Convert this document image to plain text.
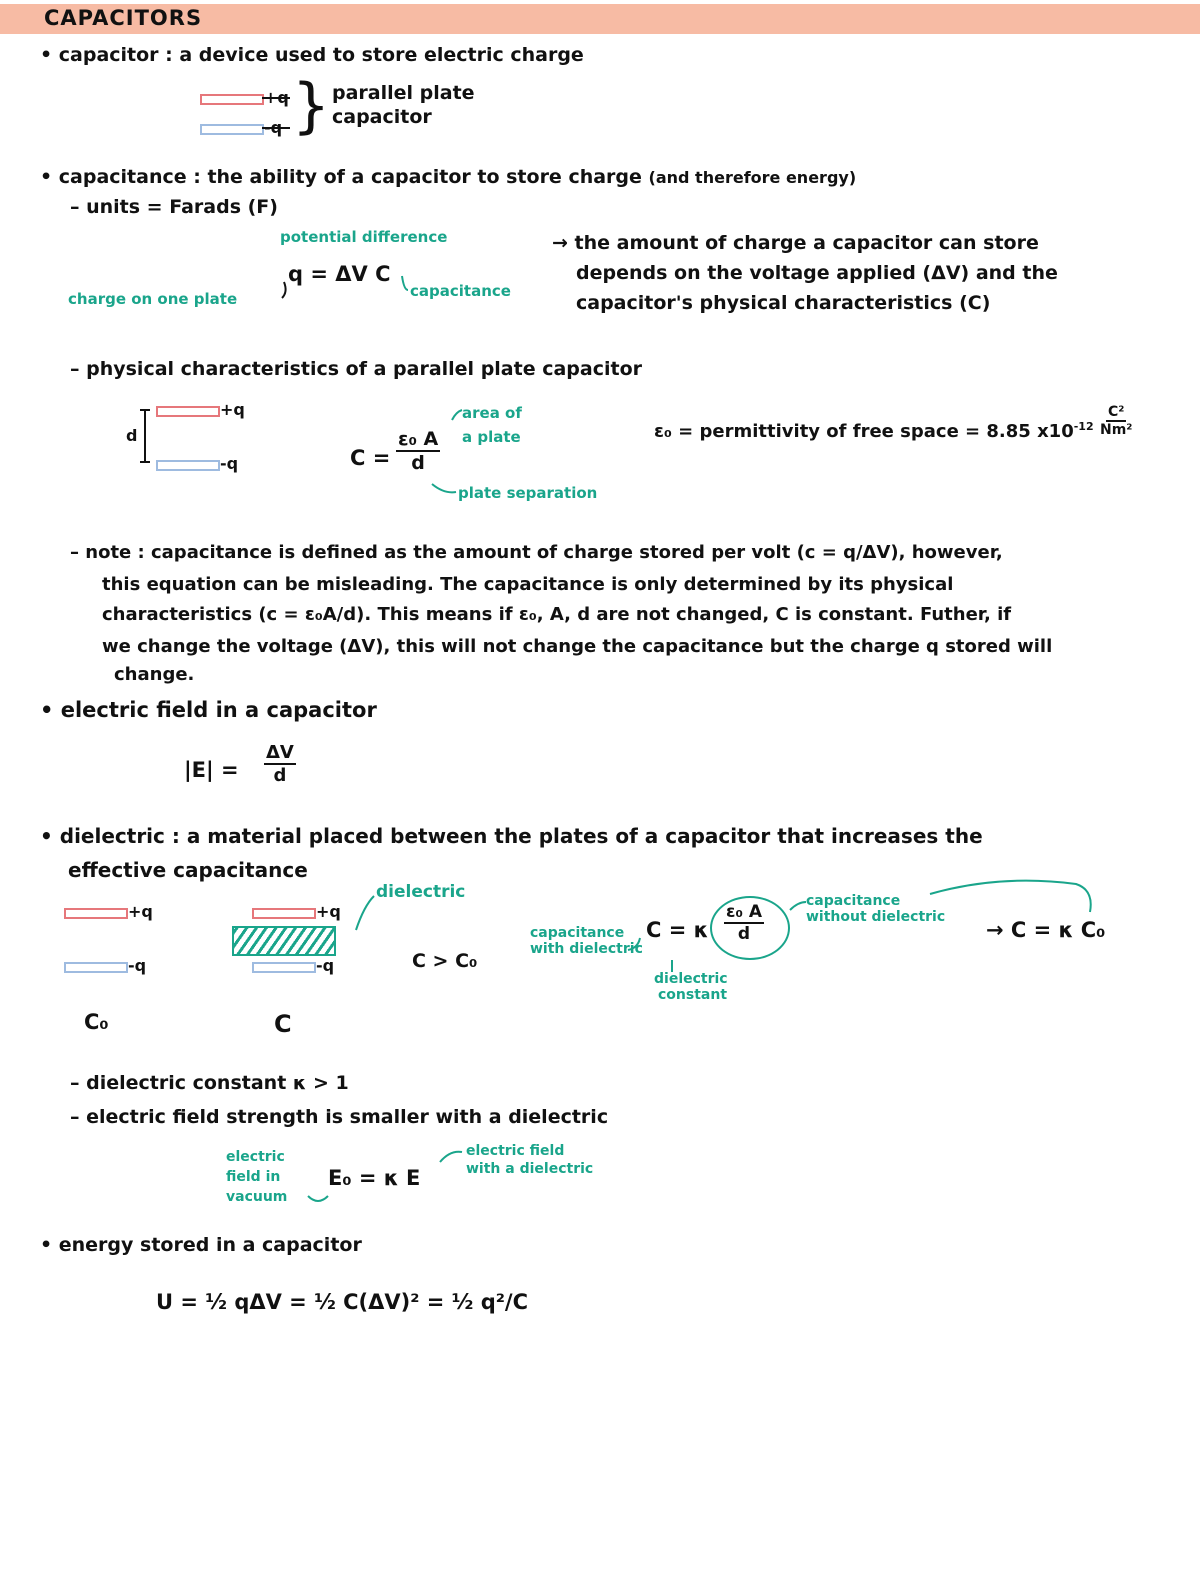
CAPACITORS
• capacitor : a device used to store electric charge
+q
-q } parallel plate
capacitor
• capacitance : the ability of a capacitor to store charge (and therefore energy)
– units = Farads (F)
potential difference
q = ΔV C
capacitance
charge on one plate
→ the amount of charge a capacitor can store
depends on the voltage applied (ΔV) and the
capacitor's physical characteristics (C)
– physical characteristics of a parallel plate capacitor
d
+q
-q	$C = \frac{\text{ε₀ A}}{d}$
area of
a plate
plate separation
ε₀ = permittivity of free space = 8.85 $x10^{-12} \frac{\text{C²}}{\text{Nm²}}$
– note : capacitance is defined as the amount of charge stored per volt (c = q/ΔV), however,
this equation can be misleading. The capacitance is only determined by its physical
characteristics (c = ε₀A/d). This means if ε₀, A, d are not changed, C is constant. Futher, if
we change the voltage (ΔV), this will not change the capacitance but the charge q stored will
change.
• electric field in a capacitor
$|E| = \frac{\Delta V}{d}$
• dielectric : a material placed between the plates of a capacitor that increases the
effective capacitance
+q
-q
C₀
+q
-q
C
dielectric
C > C₀
capacitance
with dielectric
C = κ $\frac{\text{ε₀ A}}{d}$
dielectric
constant
capacitance
without dielectric
→ C = κ C₀
– dielectric constant κ > 1
– electric field strength is smaller with a dielectric
electric
field in
vacuum
E₀ = κ E
electric field
with a dielectric
• energy stored in a capacitor
U = ½ qΔV = ½ C(ΔV)² = ½ q²/C
